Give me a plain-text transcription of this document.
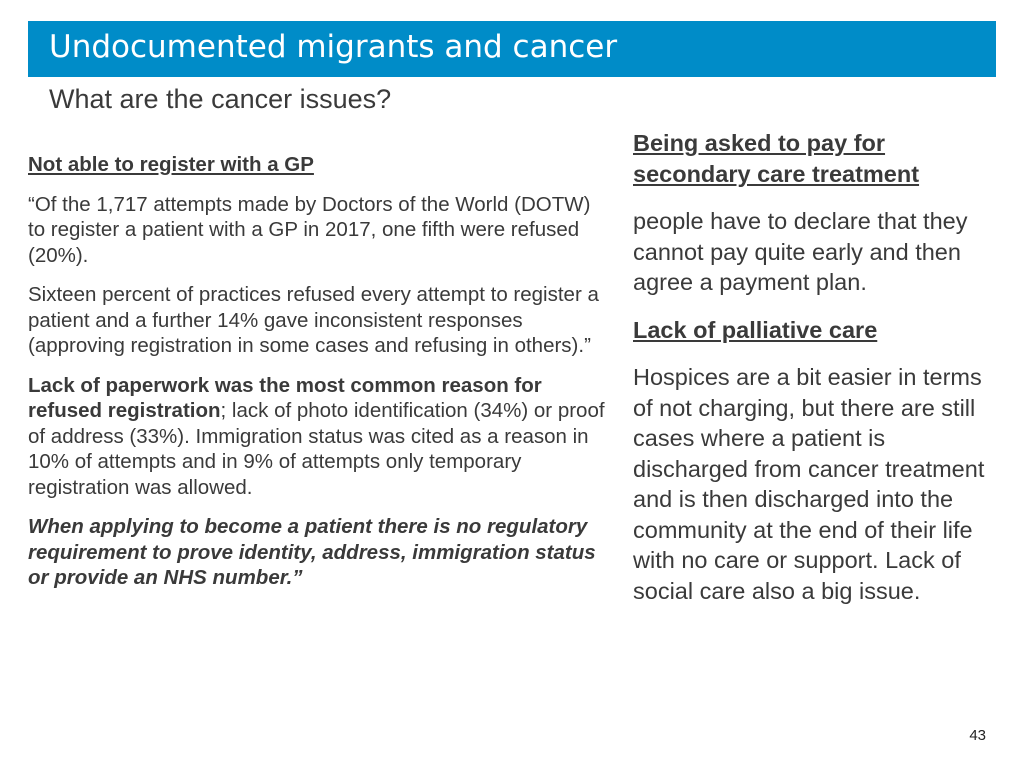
Undocumented migrants and cancer
What are the cancer issues?

Not able to register with a GP

“Of the 1,717 attempts made by Doctors of the World (DOTW) to register a patient with a GP in 2017, one fifth were refused (20%).

Sixteen percent of practices refused every attempt to register a patient and a further 14% gave inconsistent responses (approving registration in some cases and refusing in others).”

Lack of paperwork was the most common reason for refused registration; lack of photo identification (34%) or proof of address (33%). Immigration status was cited as a reason in 10% of attempts and in 9% of attempts only temporary registration was allowed.

When applying to become a patient there is no regulatory requirement to prove identity, address, immigration status or provide an NHS number.”

Being asked to pay for secondary care treatment

people have to declare that they cannot pay quite early and then agree a payment plan.

Lack of palliative care

Hospices are a bit easier in terms of not charging, but there are still cases where a patient is discharged from cancer treatment and is then discharged into the community at the end of their life with no care or support. Lack of social care also a big issue.

43
